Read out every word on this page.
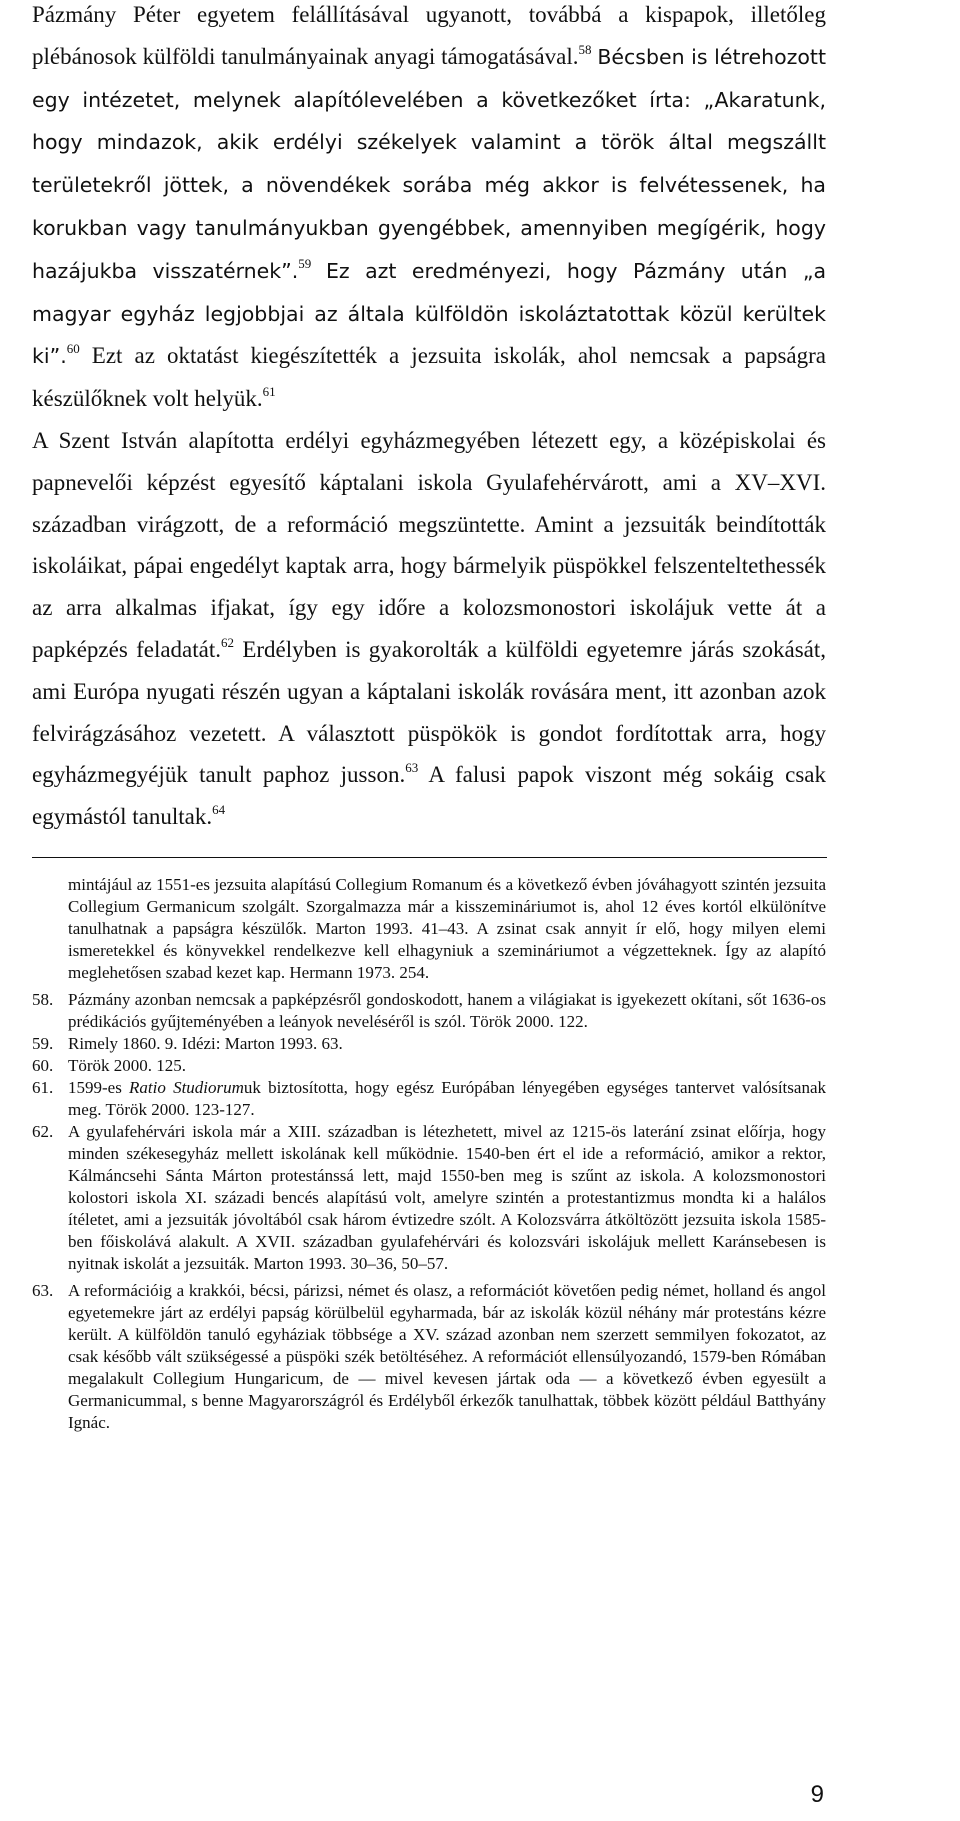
Pázmány Péter egyetem felállításával ugyanott, továbbá a kispapok, illetőleg plébánosok külföldi tanulmányainak anyagi támogatásával.$^{58}$ Bécsben is létrehozott egy intézetet, melynek alapítólevelében a következőket írta: „Akaratunk, hogy mindazok, akik erdélyi székelyek valamint a török által megszállt területekről jöttek, a növendékek sorába még akkor is felvétessenek, ha korukban vagy tanulmányukban gyengébbek, amennyiben megígérik, hogy hazájukba visszatérnek”.$^{59}$ Ez azt eredményezi, hogy Pázmány után „a magyar egyház legjobbjai az általa külföldön iskoláztatottak közül kerültek ki”.$^{60}$ Ezt az oktatást kiegészítették a jezsuita iskolák, ahol nemcsak a papságra készülőknek volt helyük.$^{61}$

A Szent István alapította erdélyi egyházmegyében létezett egy, a középiskolai és papnevelői képzést egyesítő káptalani iskola Gyulafehérvárott, ami a XV–XVI. században virágzott, de a reformáció megszüntette. Amint a jezsuiták beindították iskoláikat, pápai engedélyt kaptak arra, hogy bármelyik püspökkel felszenteltethessék az arra alkalmas ifjakat, így egy időre a kolozsmonostori iskolájuk vette át a papképzés feladatát.$^{62}$ Erdélyben is gyakorolták a külföldi egyetemre járás szokását, ami Európa nyugati részén ugyan a káptalani iskolák rovására ment, itt azonban azok felvirágzásához vezetett. A választott püspökök is gondot fordítottak arra, hogy egyházmegyéjük tanult paphoz jusson.$^{63}$ A falusi papok viszont még sokáig csak egymástól tanultak.$^{64}$

mintájául az 1551-es jezsuita alapítású Collegium Romanum és a következő évben jóváhagyott szintén jezsuita Collegium Germanicum szolgált. Szorgalmazza már a kisszemináriumot is, ahol 12 éves kortól elkülönítve tanulhatnak a papságra készülők. Marton 1993. 41–43. A zsinat csak annyit ír elő, hogy milyen elemi ismeretekkel és könyvekkel rendelkezve kell elhagyniuk a szemináriumot a végzetteknek. Így az alapító meglehetősen szabad kezet kap. Hermann 1973. 254.
58. Pázmány azonban nemcsak a papképzésről gondoskodott, hanem a világiakat is igyekezett okítani, sőt 1636-os prédikációs gyűjteményében a leányok neveléséről is szól. Török 2000. 122.
59. Rimely 1860. 9. Idézi: Marton 1993. 63.
60. Török 2000. 125.
61. 1599-es Ratio Studiorumuk biztosította, hogy egész Európában lényegében egységes tantervet valósítsanak meg. Török 2000. 123-127.
62. A gyulafehérvári iskola már a XIII. században is létezhetett, mivel az 1215-ös laterání zsinat előírja, hogy minden székesegyház mellett iskolának kell működnie. 1540-ben ért el ide a reformáció, amikor a rektor, Kálmáncsehi Sánta Márton protestánssá lett, majd 1550-ben meg is szűnt az iskola. A kolozsmonostori kolostori iskola XI. századi bencés alapítású volt, amelyre szintén a protestantizmus mondta ki a halálos ítéletet, ami a jezsuiták jóvoltából csak három évtizedre szólt. A Kolozsvárra átköltözött jezsuita iskola 1585-ben főiskolává alakult. A XVII. században gyulafehérvári és kolozsvári iskolájuk mellett Karánsebesen is nyitnak iskolát a jezsuiták. Marton 1993. 30–36, 50–57.
63. A reformációig a krakkói, bécsi, párizsi, német és olasz, a reformációt követően pedig német, holland és angol egyetemekre járt az erdélyi papság körülbelül egyharmada, bár az iskolák közül néhány már protestáns kézre került. A külföldön tanuló egyháziak többsége a XV. század azonban nem szerzett semmilyen fokozatot, az csak később vált szükségessé a püspöki szék betöltéséhez. A reformációt ellensúlyozandó, 1579-ben Rómában megalakult Collegium Hungaricum, de — mivel kevesen jártak oda — a következő évben egyesült a Germanicummal, s benne Magyarországról és Erdélyből érkezők tanulhattak, többek között például Batthyány Ignác.
9
